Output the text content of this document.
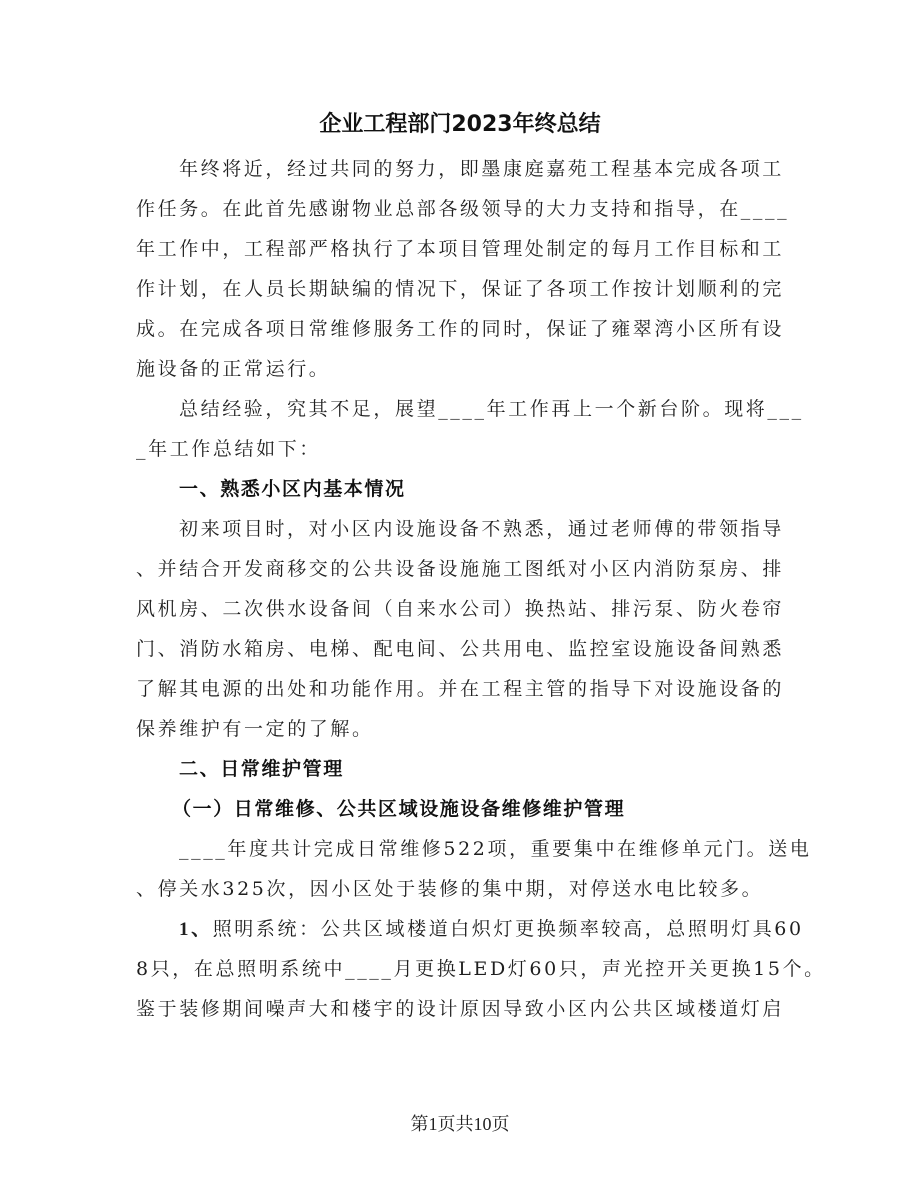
企业工程部门2023年终总结
年终将近，经过共同的努力，即墨康庭嘉苑工程基本完成各项工
作任务。在此首先感谢物业总部各级领导的大力支持和指导，在____
年工作中，工程部严格执行了本项目管理处制定的每月工作目标和工
作计划，在人员长期缺编的情况下，保证了各项工作按计划顺利的完
成。在完成各项日常维修服务工作的同时，保证了雍翠湾小区所有设
施设备的正常运行。
总结经验，究其不足，展望____年工作再上一个新台阶。现将___
_年工作总结如下：
一、熟悉小区内基本情况
初来项目时，对小区内设施设备不熟悉，通过老师傅的带领指导
、并结合开发商移交的公共设备设施施工图纸对小区内消防泵房、排
风机房、二次供水设备间（自来水公司）换热站、排污泵、防火卷帘
门、消防水箱房、电梯、配电间、公共用电、监控室设施设备间熟悉
了解其电源的出处和功能作用。并在工程主管的指导下对设施设备的
保养维护有一定的了解。
二、日常维护管理
（一）日常维修、公共区域设施设备维修维护管理
____年度共计完成日常维修522项，重要集中在维修单元门。送电
、停关水325次，因小区处于装修的集中期，对停送水电比较多。
1、照明系统：公共区域楼道白炽灯更换频率较高，总照明灯具60
8只，在总照明系统中____月更换LED灯60只，声光控开关更换15个。
鉴于装修期间噪声大和楼宇的设计原因导致小区内公共区域楼道灯启
第1页共10页
